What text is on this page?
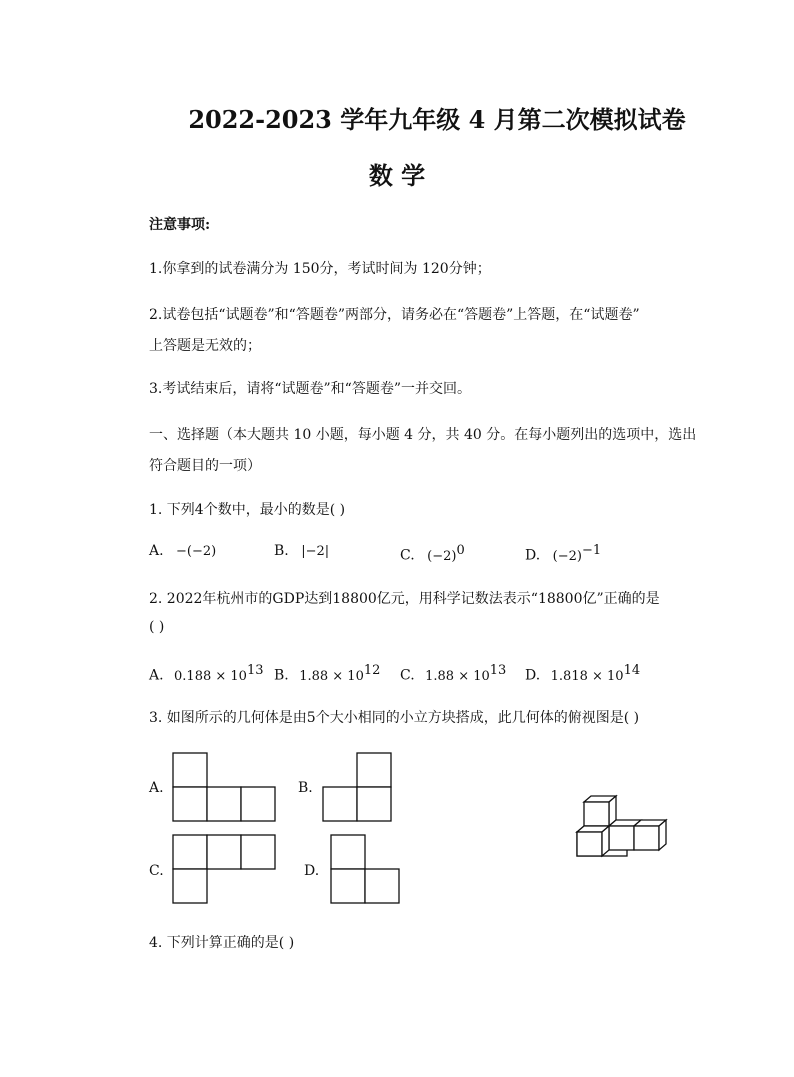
2022-2023 学年九年级 4 月第二次模拟试卷
数 学
注意事项:
1.你拿到的试卷满分为 150分，考试时间为 120分钟；
2.试卷包括“试题卷”和“答题卷”两部分，请务必在“答题卷”上答题，在“试题卷”
上答题是无效的；
3.考试结束后，请将“试题卷”和“答题卷”一并交回。
一、选择题（本大题共 10 小题，每小题 4 分，共 40 分。在每小题列出的选项中，选出
符合题目的一项）
1. 下列4个数中，最小的数是( )
A. −(−2)	B. |−2|	C. $(-2)^0$	D. $(-2)^{-1}$
2. 2022年杭州市的GDP达到18800亿元，用科学记数法表示“18800亿”正确的是
( )
A. $0.188 \times 10^{13}$ B. $1.88 \times 10^{12}$ C. $1.88 \times 10^{13}$ D. $1.818 \times 10^{14}$
3. 如图所示的几何体是由5个大小相同的小立方块搭成，此几何体的俯视图是( )
A.	B.
C.	D.
4. 下列计算正确的是( )
